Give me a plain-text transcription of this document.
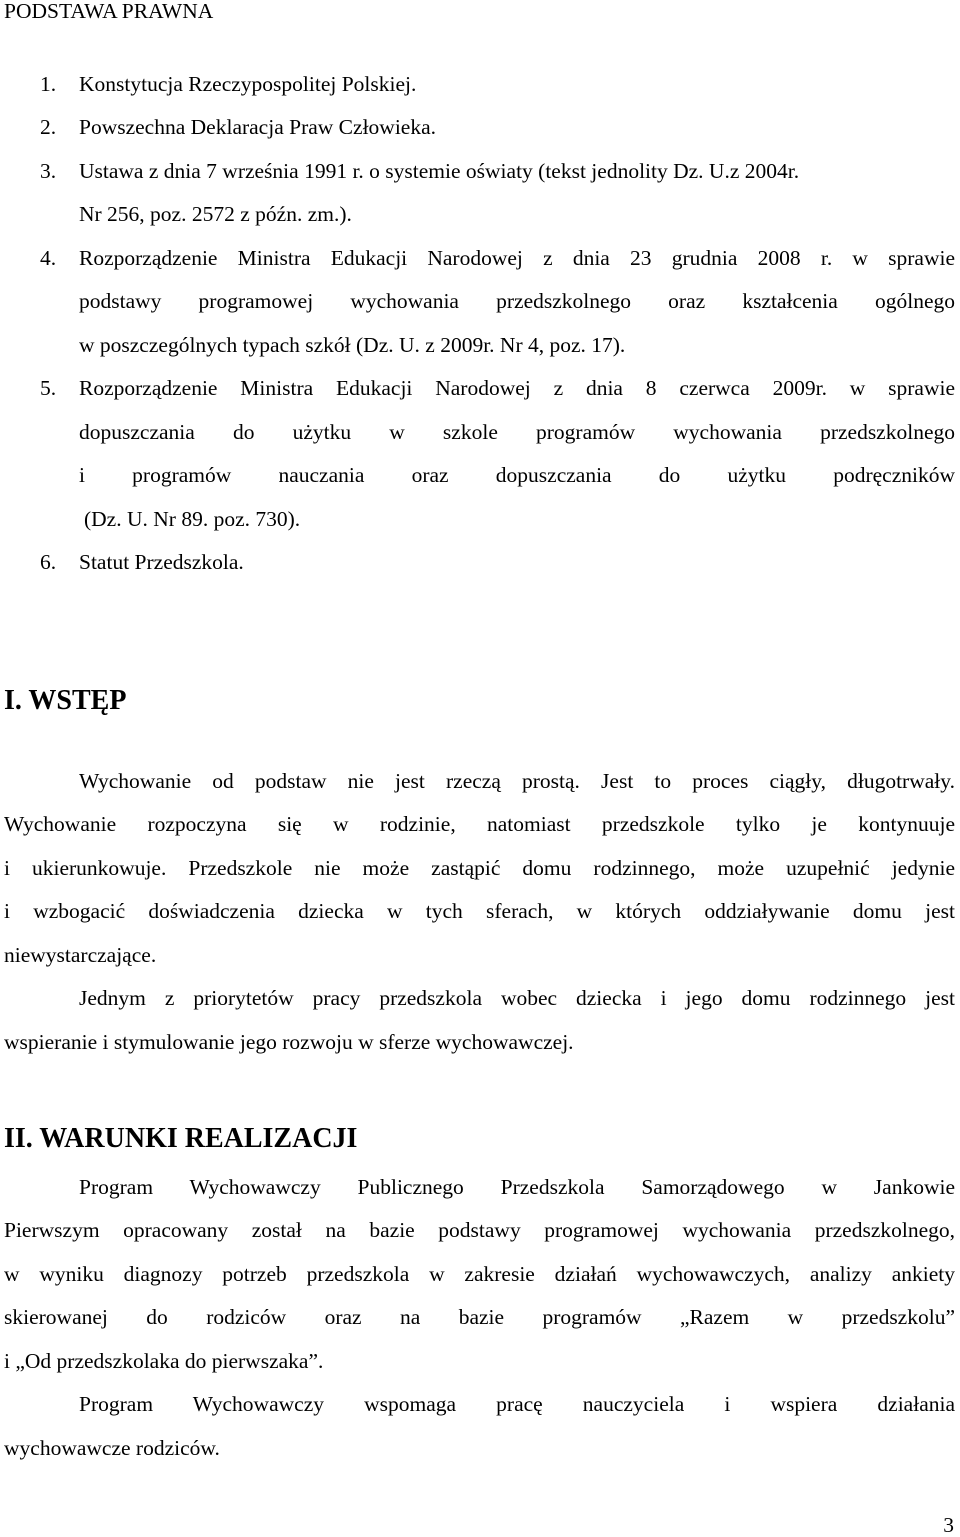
PODSTAWA PRAWNA
1. Konstytucja Rzeczypospolitej Polskiej.
2. Powszechna Deklaracja Praw Człowieka.
3. Ustawa z dnia 7 września 1991 r. o systemie oświaty (tekst jednolity Dz. U.z 2004r.
Nr 256, poz. 2572 z późn. zm.).
4. Rozporządzenie Ministra Edukacji Narodowej z dnia 23 grudnia 2008 r. w sprawie
podstawy programowej wychowania przedszkolnego oraz kształcenia ogólnego
w poszczególnych typach szkół (Dz. U. z 2009r. Nr 4, poz. 17).
5. Rozporządzenie Ministra Edukacji Narodowej z dnia 8 czerwca 2009r. w sprawie
dopuszczania do użytku w szkole programów wychowania przedszkolnego
i programów nauczania oraz dopuszczania do użytku podręczników
(Dz. U. Nr 89. poz. 730).
6. Statut Przedszkola.
I. WSTĘP
Wychowanie od podstaw nie jest rzeczą prostą. Jest to proces ciągły, długotrwały.
Wychowanie rozpoczyna się w rodzinie, natomiast przedszkole tylko je kontynuuje
i ukierunkowuje. Przedszkole nie może zastąpić domu rodzinnego, może uzupełnić jedynie
i wzbogacić doświadczenia dziecka w tych sferach, w których oddziaływanie domu jest
niewystarczające.
Jednym z priorytetów pracy przedszkola wobec dziecka i jego domu rodzinnego jest
wspieranie i stymulowanie jego rozwoju w sferze wychowawczej.
II. WARUNKI REALIZACJI
Program Wychowawczy Publicznego Przedszkola Samorządowego w Jankowie
Pierwszym opracowany został na bazie podstawy programowej wychowania przedszkolnego,
w wyniku diagnozy potrzeb przedszkola w zakresie działań wychowawczych, analizy ankiety
skierowanej do rodziców oraz na bazie programów „Razem w przedszkolu”
i „Od przedszkolaka do pierwszaka”.
Program Wychowawczy wspomaga pracę nauczyciela i wspiera działania
wychowawcze rodziców.
3
